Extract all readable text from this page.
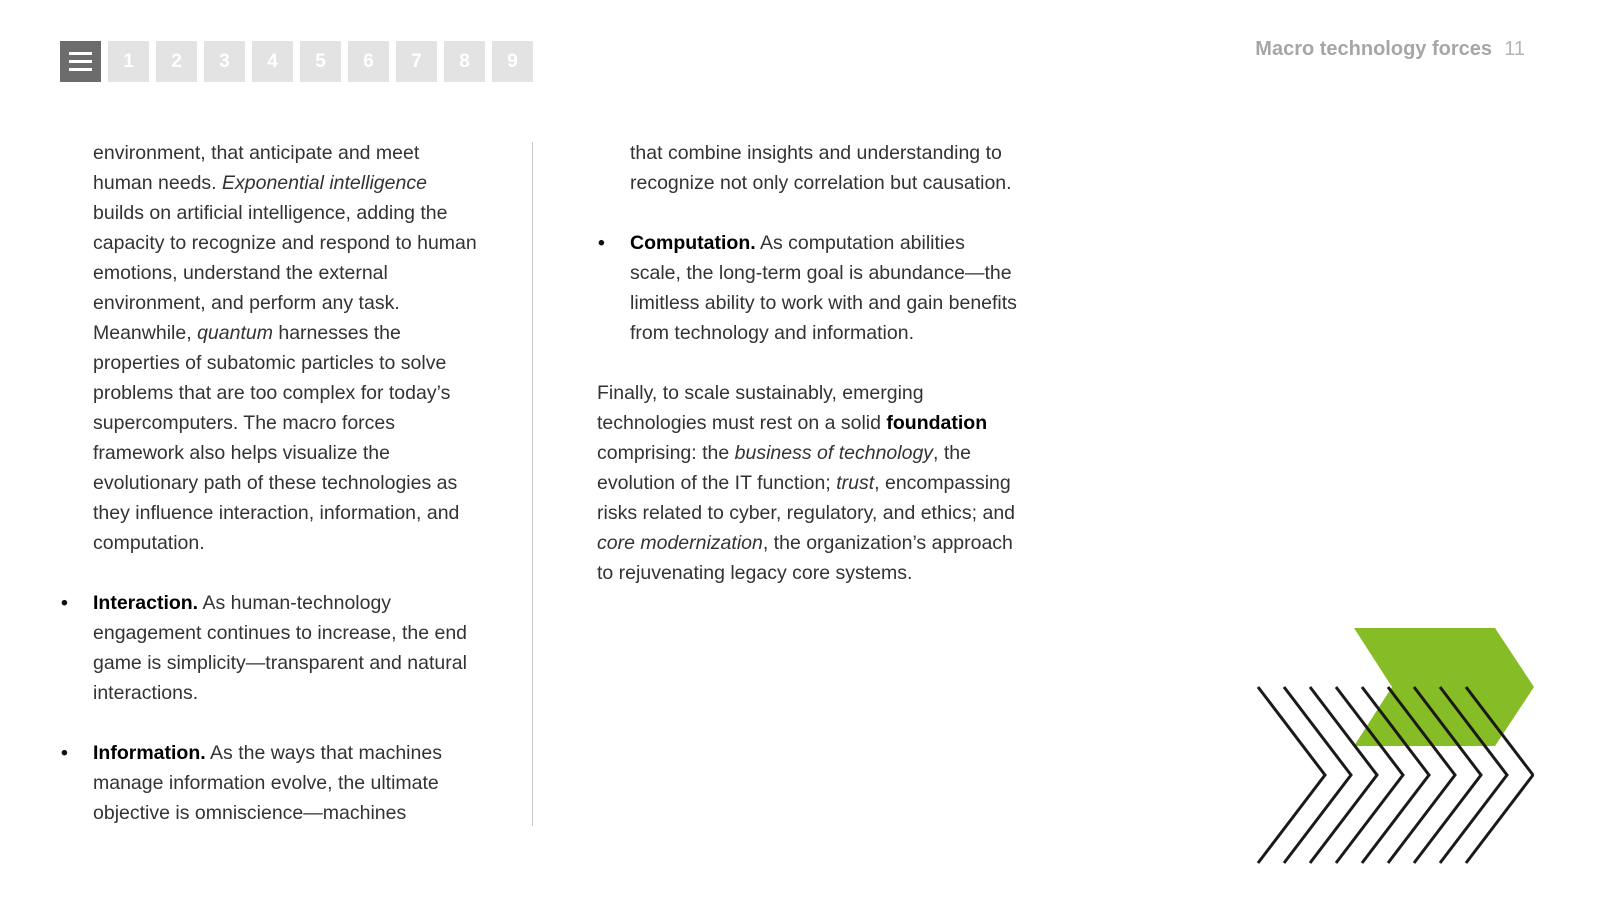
1	2	3	4	5	6	7	8	9
Macro technology forces 11

environment, that anticipate and meet human needs. Exponential intelligence builds on artificial intelligence, adding the capacity to recognize and respond to human emotions, understand the external environment, and perform any task. Meanwhile, quantum harnesses the properties of subatomic particles to solve problems that are too complex for today’s supercomputers. The macro forces framework also helps visualize the evolutionary path of these technologies as they influence interaction, information, and computation.

• Interaction. As human-technology engagement continues to increase, the end game is simplicity—transparent and natural interactions.

• Information. As the ways that machines manage information evolve, the ultimate objective is omniscience—machines

that combine insights and understanding to recognize not only correlation but causation.

• Computation. As computation abilities scale, the long-term goal is abundance—the limitless ability to work with and gain benefits from technology and information.

Finally, to scale sustainably, emerging technologies must rest on a solid foundation comprising: the business of technology, the evolution of the IT function; trust, encompassing risks related to cyber, regulatory, and ethics; and core modernization, the organization’s approach to rejuvenating legacy core systems.
